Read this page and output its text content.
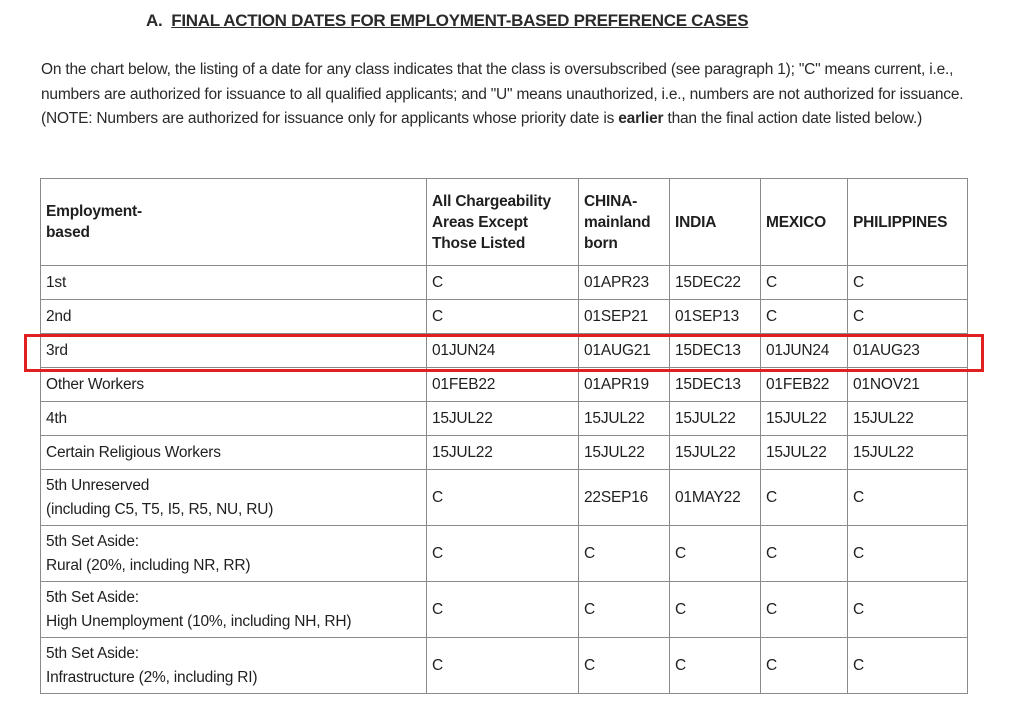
A. FINAL ACTION DATES FOR EMPLOYMENT-BASED PREFERENCE CASES
On the chart below, the listing of a date for any class indicates that the class is oversubscribed (see paragraph 1); "C" means current, i.e., numbers are authorized for issuance to all qualified applicants; and "U" means unauthorized, i.e., numbers are not authorized for issuance. (NOTE: Numbers are authorized for issuance only for applicants whose priority date is earlier than the final action date listed below.)
Employment-
based	All Chargeability
Areas Except
Those Listed	CHINA-
mainland
born	INDIA	MEXICO	PHILIPPINES
1st	C	01APR23	15DEC22	C	C
2nd	C	01SEP21	01SEP13	C	C
3rd	01JUN24	01AUG21	15DEC13	01JUN24	01AUG23
Other Workers	01FEB22	01APR19	15DEC13	01FEB22	01NOV21
4th	15JUL22	15JUL22	15JUL22	15JUL22	15JUL22
Certain Religious Workers	15JUL22	15JUL22	15JUL22	15JUL22	15JUL22
5th Unreserved
(including C5, T5, I5, R5, NU, RU)	C	22SEP16	01MAY22	C	C
5th Set Aside:
Rural (20%, including NR, RR)	C	C	C	C	C
5th Set Aside:
High Unemployment (10%, including NH, RH)	C	C	C	C	C
5th Set Aside:
Infrastructure (2%, including RI)	C	C	C	C	C
